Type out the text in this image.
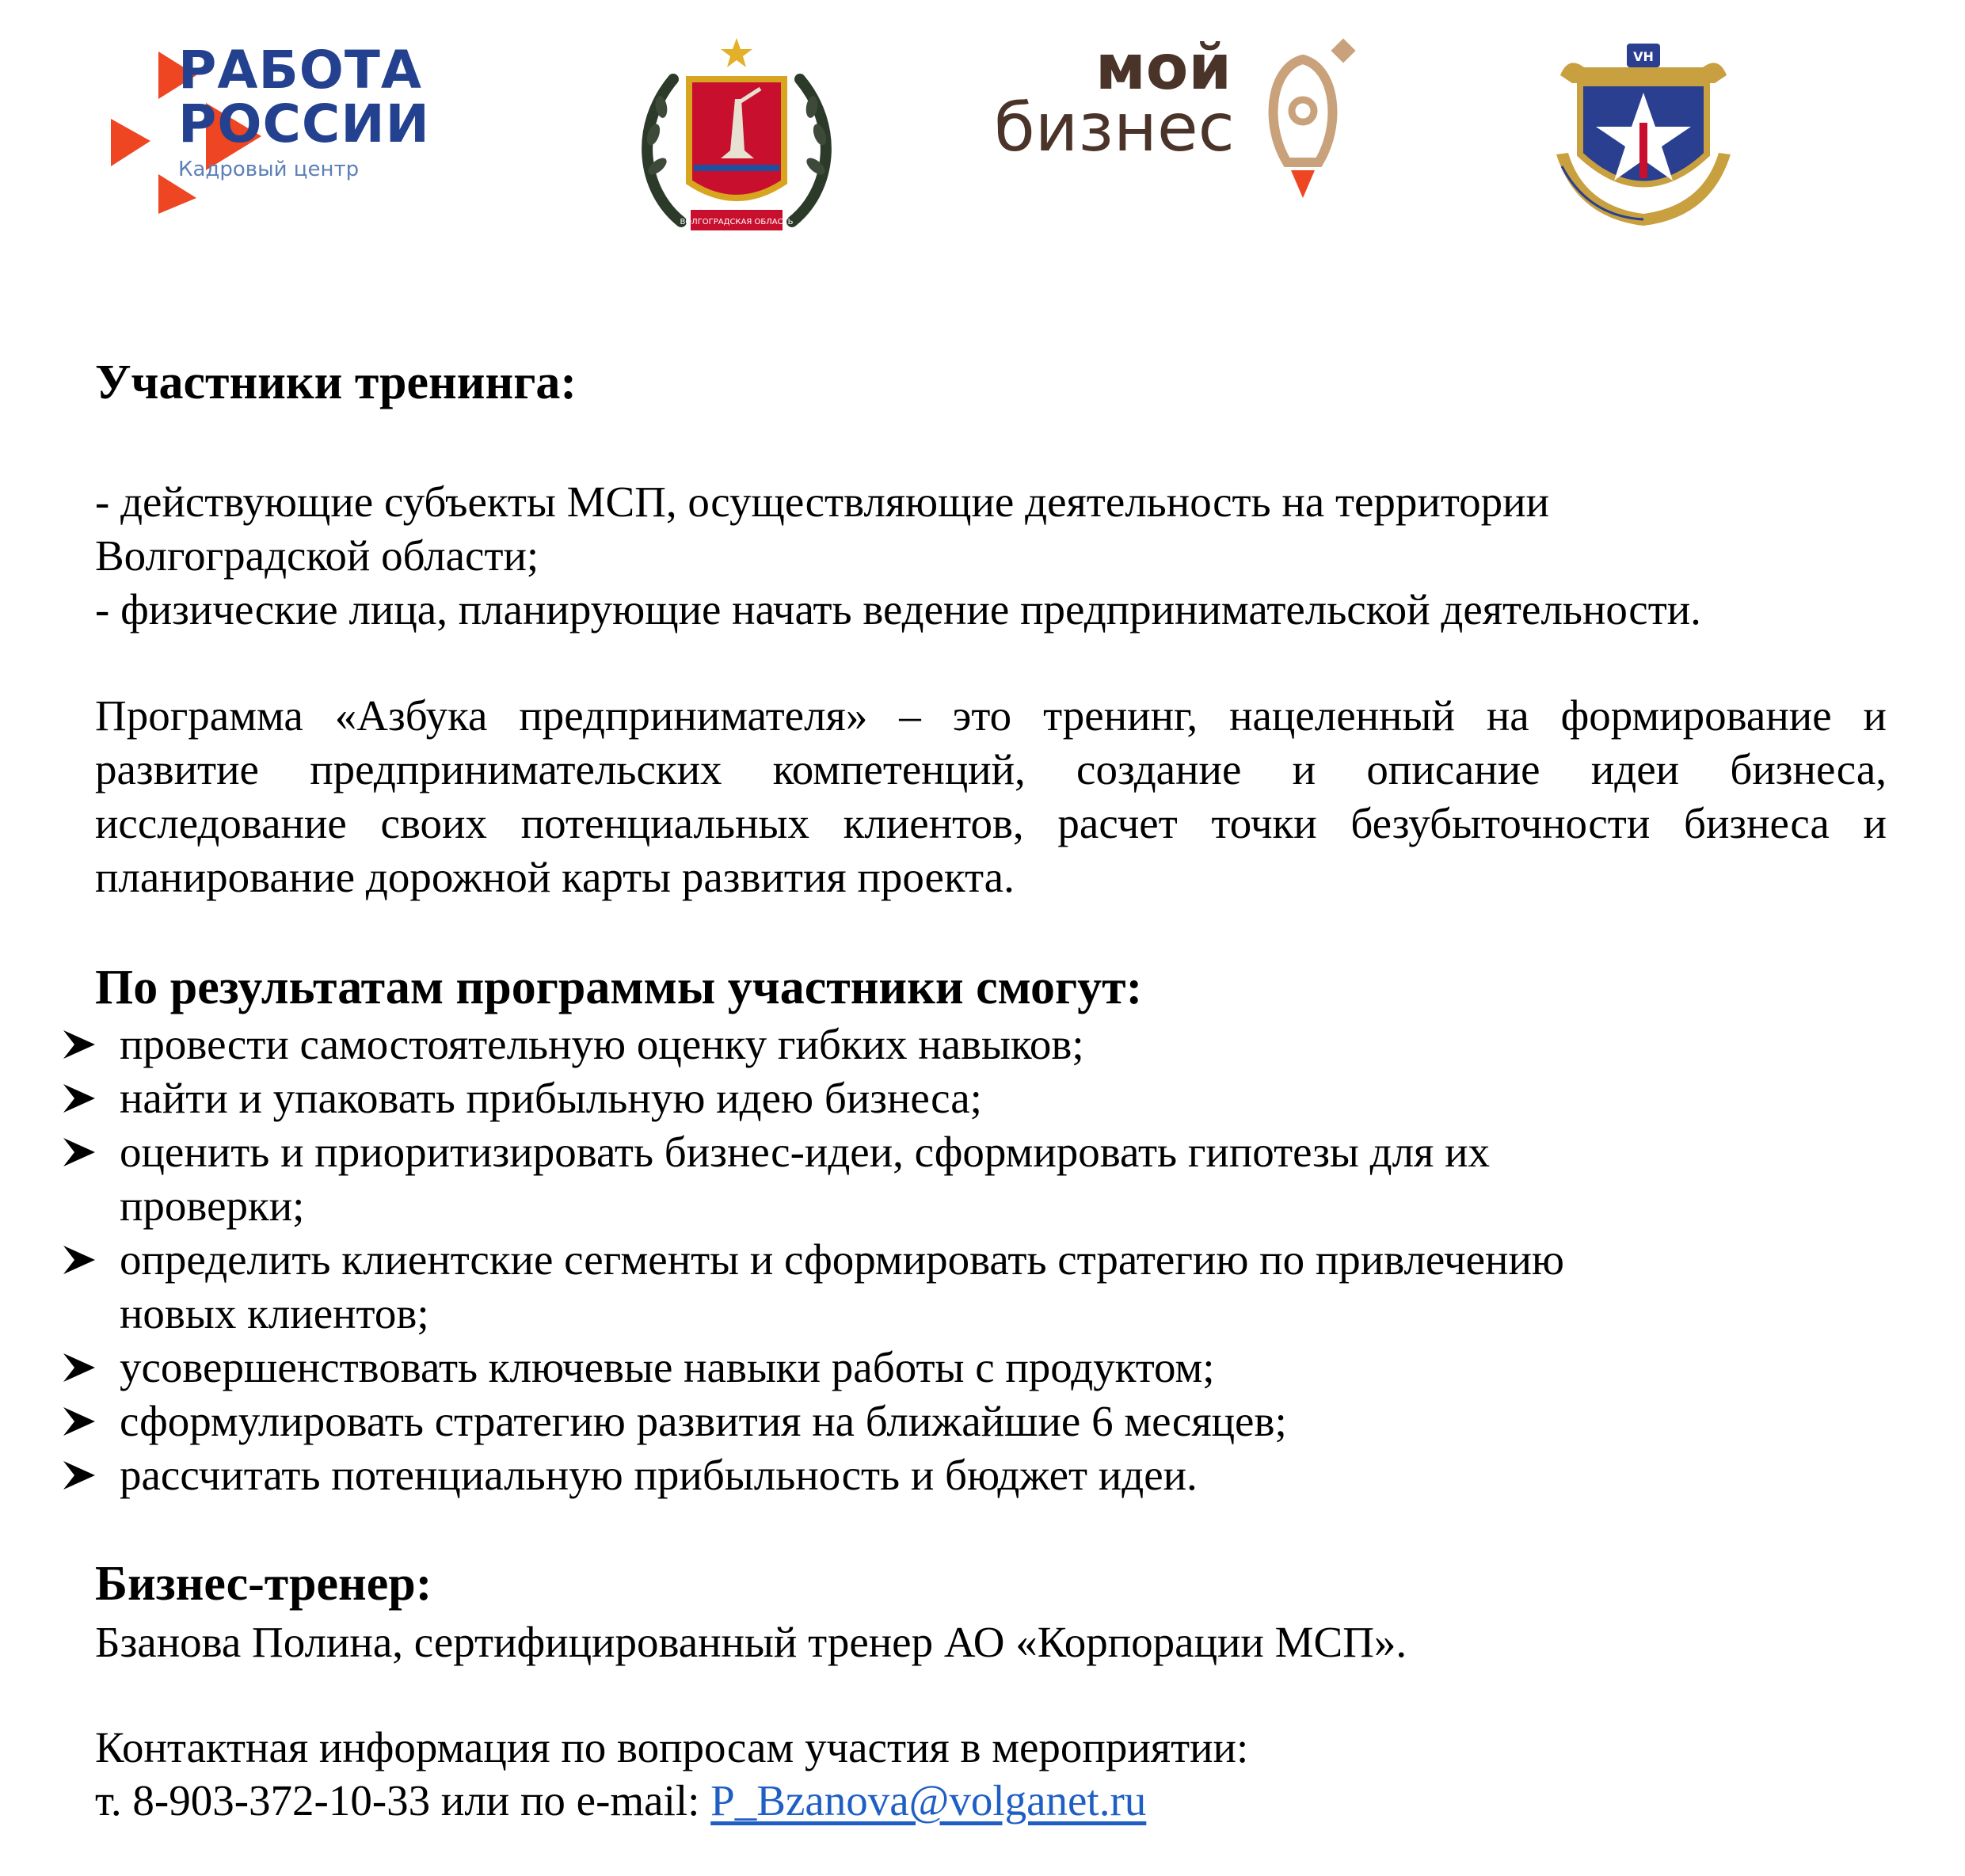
РАБОТА
РОССИИ
Кадровый центр
ВОЛГОГРАДСКАЯ ОБЛАСТЬ
мой
бизнес
VH
Участники тренинга:
- действующие субъекты МСП, осуществляющие деятельность на территории
Волгоградской области;
- физические лица, планирующие начать ведение предпринимательской деятельности.
Программа «Азбука предпринимателя» – это тренинг, нацеленный на формирование и
развитие предпринимательских компетенций, создание и описание идеи бизнеса,
исследование своих потенциальных клиентов, расчет точки безубыточности бизнеса и
планирование дорожной карты развития проекта.
По результатам программы участники смогут:
Бизнес-тренер:
Бзанова Полина, сертифицированный тренер АО «Корпорации МСП».
Контактная информация по вопросам участия в мероприятии:
т. 8-903-372-10-33 или по e-mail: P_Bzanova@volganet.ru
провести самостоятельную оценку гибких навыков;
найти и упаковать прибыльную идею бизнеса;
оценить и приоритизировать бизнес-идеи, сформировать гипотезы для их
проверки;
определить клиентские сегменты и сформировать стратегию по привлечению
новых клиентов;
усовершенствовать ключевые навыки работы с продуктом;
сформулировать стратегию развития на ближайшие 6 месяцев;
рассчитать потенциальную прибыльность и бюджет идеи.
